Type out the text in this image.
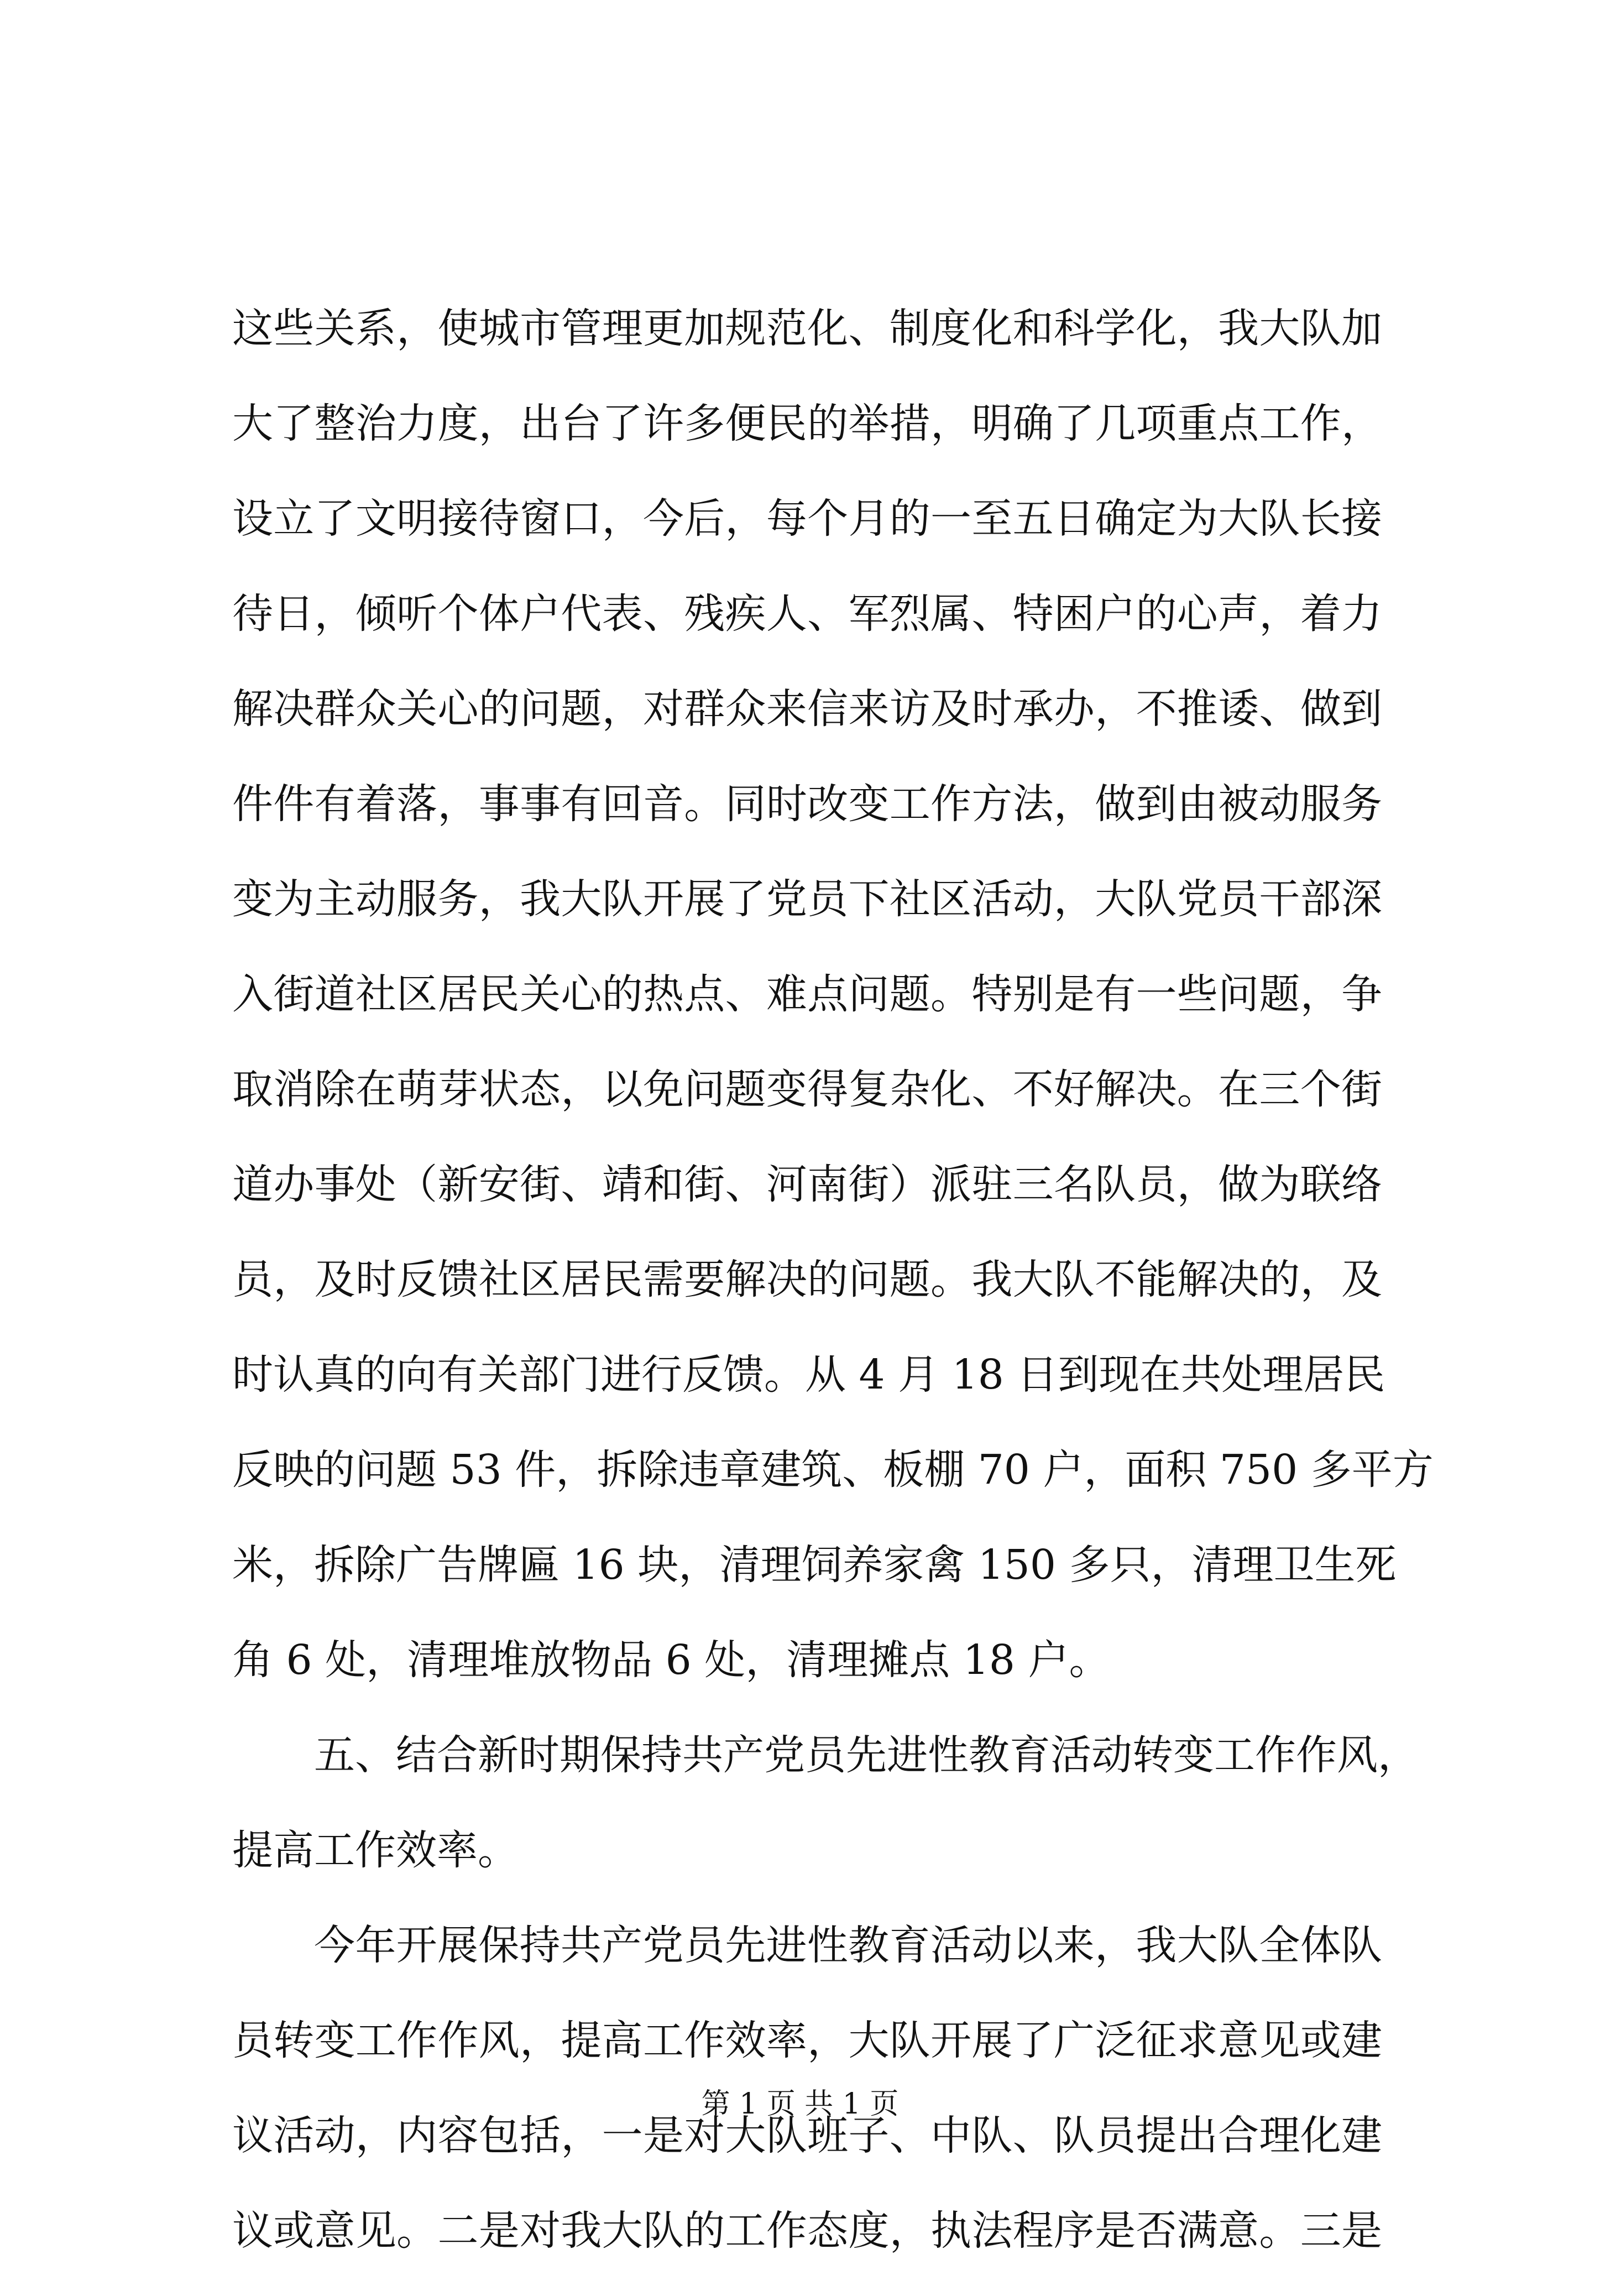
这些关系，使城市管理更加规范化、制度化和科学化，我大队加
大了整治力度，出台了许多便民的举措，明确了几项重点工作，
设立了文明接待窗口，今后，每个月的一至五日确定为大队长接
待日，倾听个体户代表、残疾人、军烈属、特困户的心声，着力
解决群众关心的问题，对群众来信来访及时承办，不推诿、做到
件件有着落，事事有回音。同时改变工作方法，做到由被动服务
变为主动服务，我大队开展了党员下社区活动，大队党员干部深
入街道社区居民关心的热点、难点问题。特别是有一些问题，争
取消除在萌芽状态，以免问题变得复杂化、不好解决。在三个街
道办事处（新安街、靖和街、河南街）派驻三名队员，做为联络
员，及时反馈社区居民需要解决的问题。我大队不能解决的，及
时认真的向有关部门进行反馈。从 4 月 18 日到现在共处理居民
反映的问题 53 件，拆除违章建筑、板棚 70 户，面积 750 多平方
米，拆除广告牌匾 16 块，清理饲养家禽 150 多只，清理卫生死
角 6 处，清理堆放物品 6 处，清理摊点 18 户。
五、结合新时期保持共产党员先进性教育活动转变工作作风，
提高工作效率。
今年开展保持共产党员先进性教育活动以来，我大队全体队
员转变工作作风，提高工作效率，大队开展了广泛征求意见或建
议活动，内容包括，一是对大队班子、中队、队员提出合理化建
议或意见。二是对我大队的工作态度，执法程序是否满意。三是
第 1 页 共 1 页
